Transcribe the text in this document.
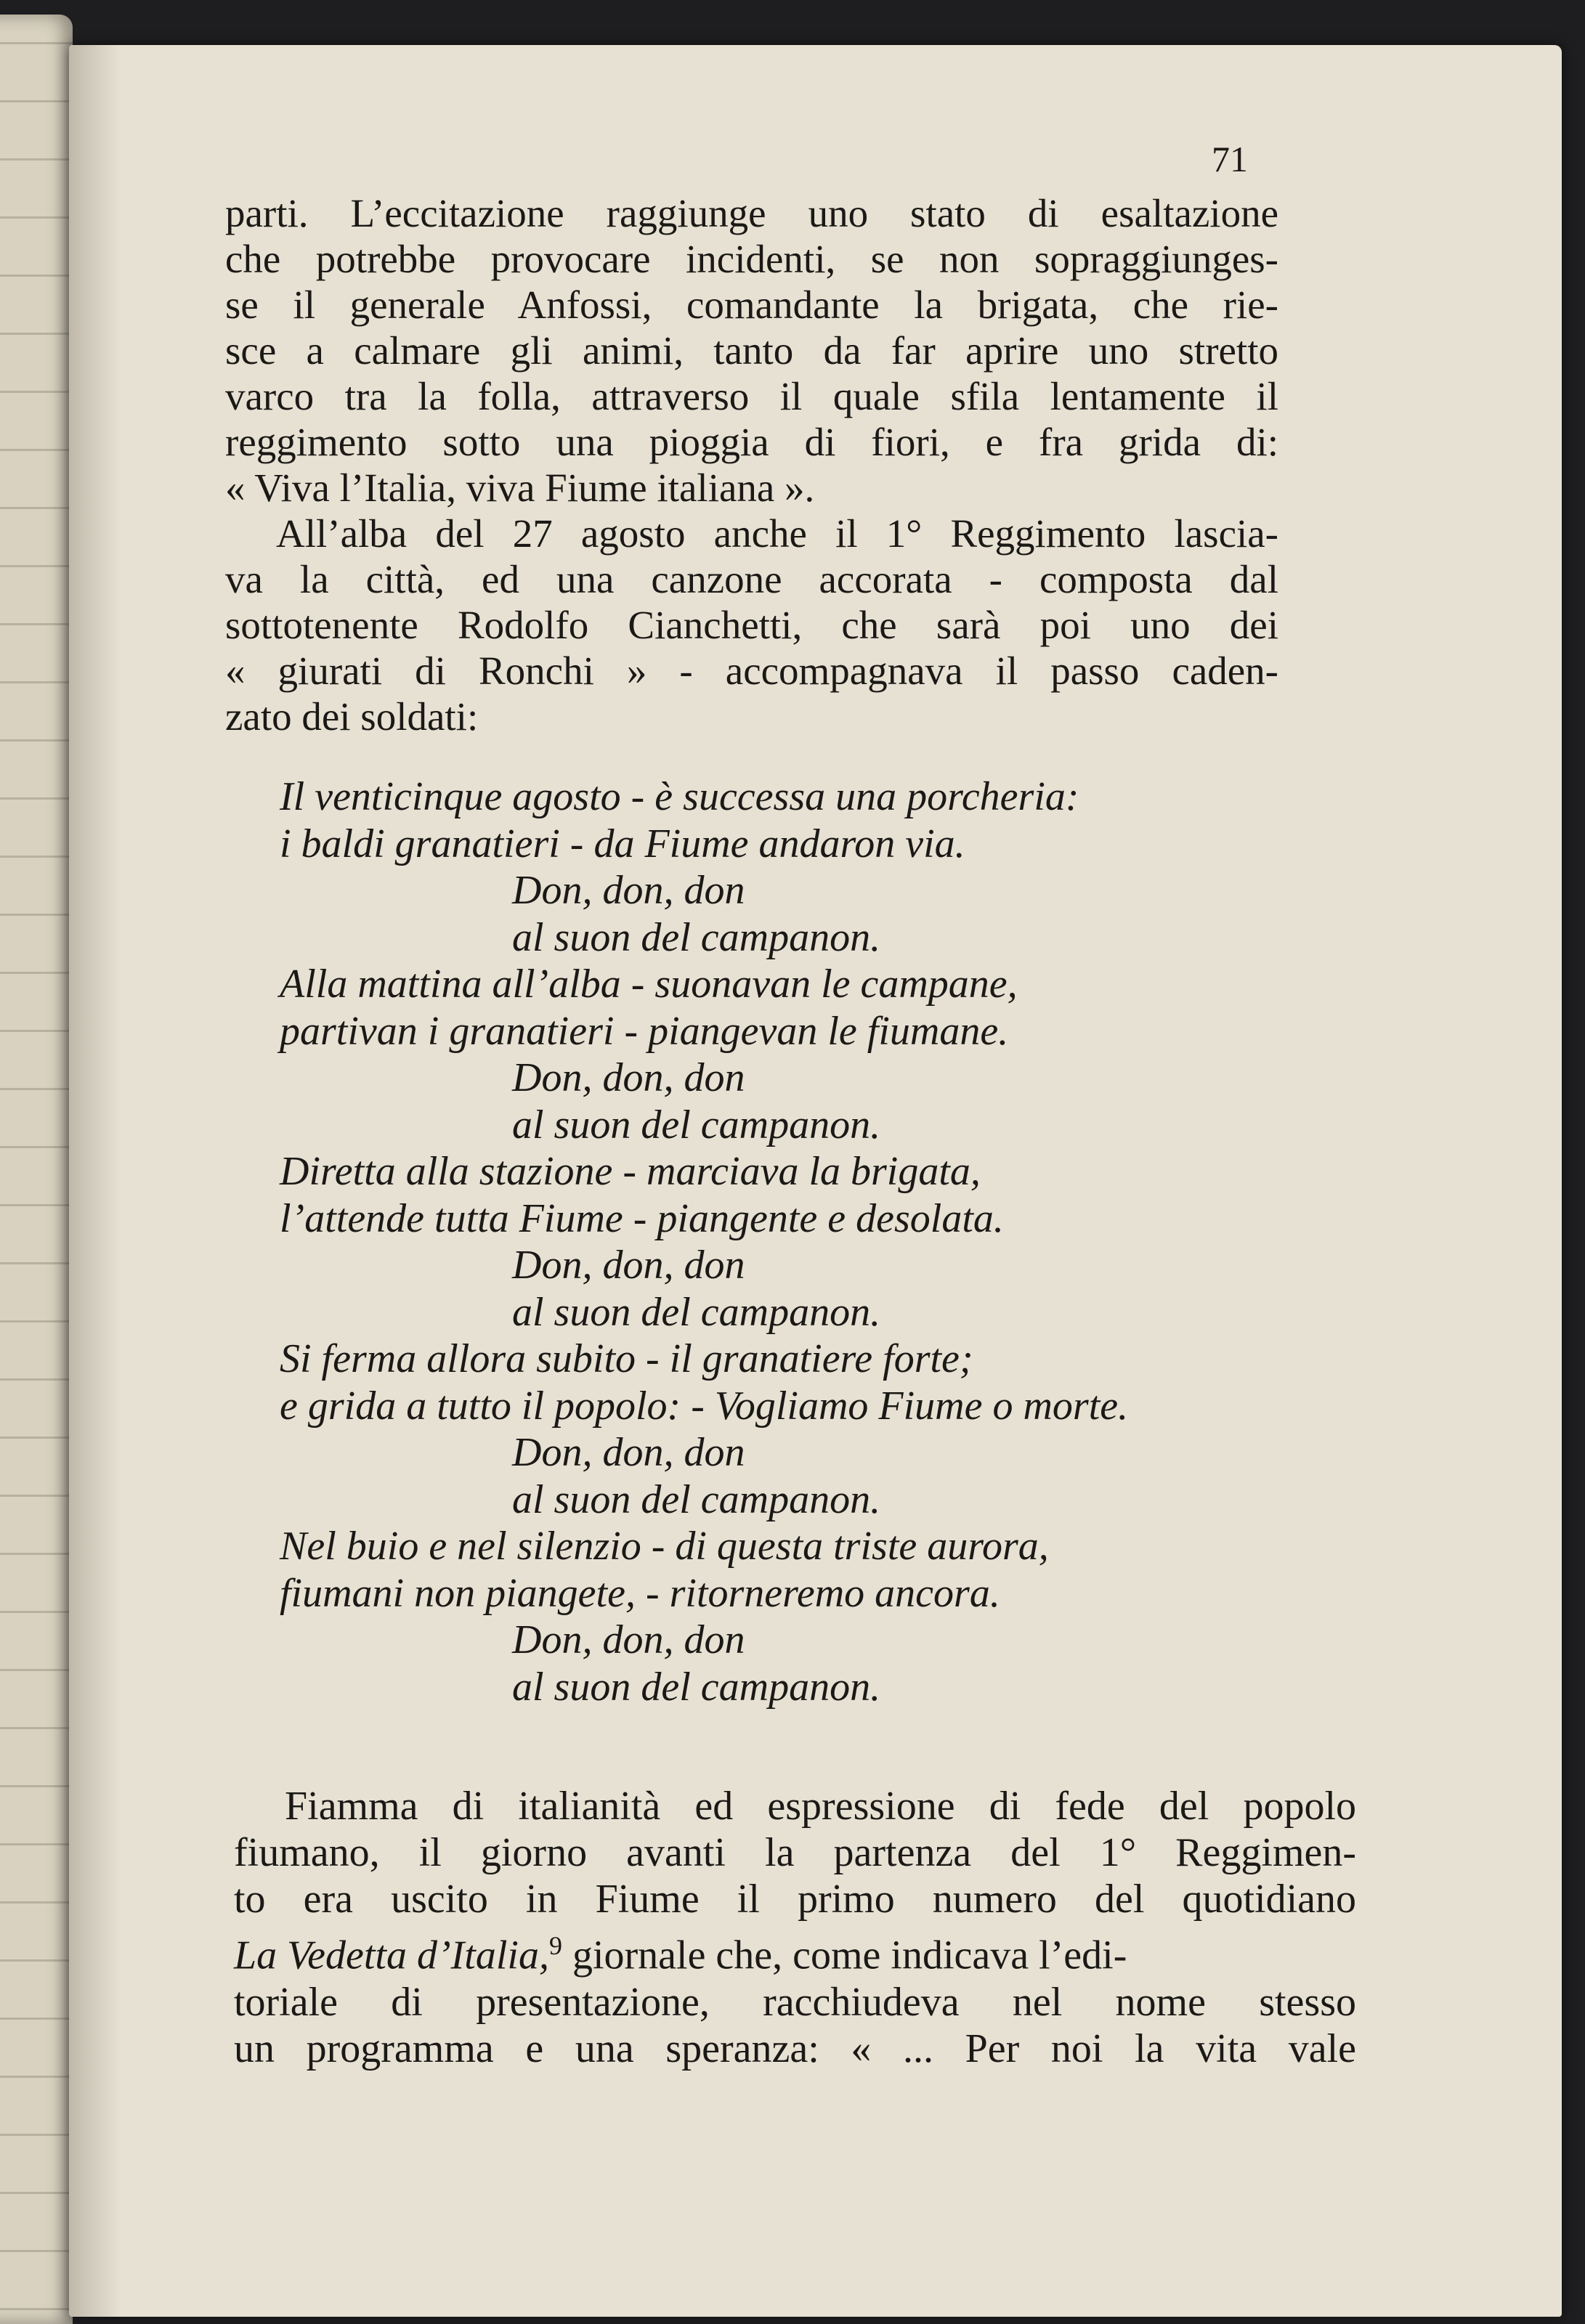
71
parti. L’eccitazione raggiunge uno stato di esaltazione
che potrebbe provocare incidenti, se non sopraggiunges-
se il generale Anfossi, comandante la brigata, che rie-
sce a calmare gli animi, tanto da far aprire uno stretto
varco tra la folla, attraverso il quale sfila lentamente il
reggimento sotto una pioggia di fiori, e fra grida di:
« Viva l’Italia, viva Fiume italiana ».
All’alba del 27 agosto anche il 1° Reggimento lascia-
va la città, ed una canzone accorata - composta dal
sottotenente Rodolfo Cianchetti, che sarà poi uno dei
« giurati di Ronchi » - accompagnava il passo caden-
zato dei soldati:
Il venticinque agosto - è successa una porcheria:
i baldi granatieri - da Fiume andaron via.
Don, don, don
al suon del campanon.
Alla mattina all’alba - suonavan le campane,
partivan i granatieri - piangevan le fiumane.
Don, don, don
al suon del campanon.
Diretta alla stazione - marciava la brigata,
l’attende tutta Fiume - piangente e desolata.
Don, don, don
al suon del campanon.
Si ferma allora subito - il granatiere forte;
e grida a tutto il popolo: - Vogliamo Fiume o morte.
Don, don, don
al suon del campanon.
Nel buio e nel silenzio - di questa triste aurora,
fiumani non piangete, - ritorneremo ancora.
Don, don, don
al suon del campanon.
Fiamma di italianità ed espressione di fede del popolo
fiumano, il giorno avanti la partenza del 1° Reggimen-
to era uscito in Fiume il primo numero del quotidiano
La Vedetta d’Italia,$^9$ giornale che, come indicava l’edi-
toriale di presentazione, racchiudeva nel nome stesso
un programma e una speranza: « ... Per noi la vita vale
